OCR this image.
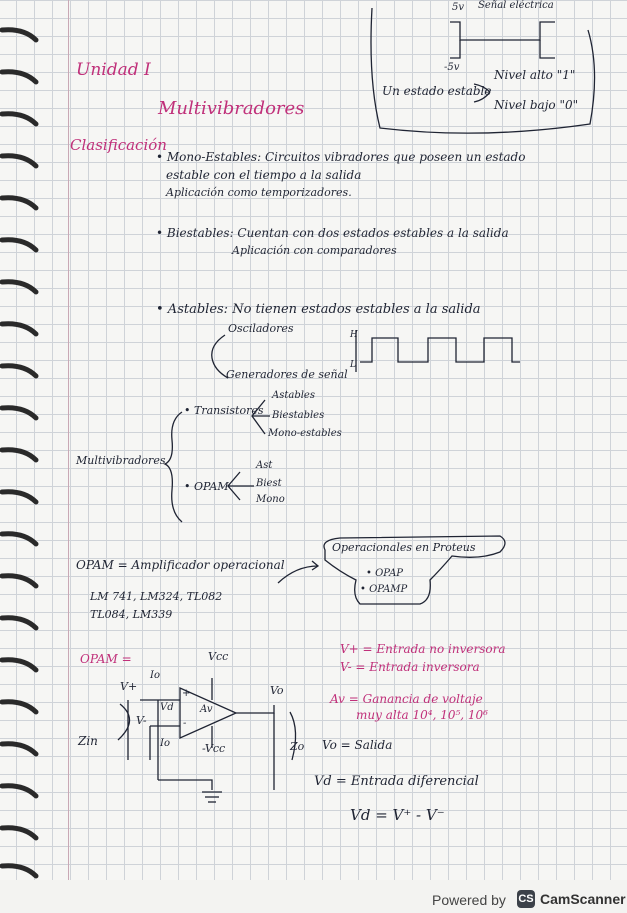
5v Señal eléctrica
-5v
Un estado estable
Nivel alto "1"
Nivel bajo "0"
Unidad I
Multivibradores
Clasificación
• Mono-Estables: Circuitos vibradores que poseen un estado
estable con el tiempo a la salida
Aplicación como temporizadores.
• Biestables: Cuentan con dos estados estables a la salida
Aplicación con comparadores
• Astables: No tienen estados estables a la salida
Osciladores
Generadores de señal
H
L
Multivibradores
• Transistores
Astables
Biestables
Mono-estables
• OPAM
Ast
Biest
Mono
OPAM = Amplificador operacional
LM 741, LM324, TL082
TL084, LM339
Operacionales en Proteus
• OPAP
• OPAMP
OPAM =	Vcc
-Vcc
V+
V-
Io
Io
Vd	Av
+
-
Vo
Zin	Zo
V+ = Entrada no inversora
V- = Entrada inversora
Av = Ganancia de voltaje
muy alta 10⁴, 10⁵, 10⁶
Vo = Salida
Vd = Entrada diferencial
Vd = V⁺ - V⁻
Powered by CS CamScanner
